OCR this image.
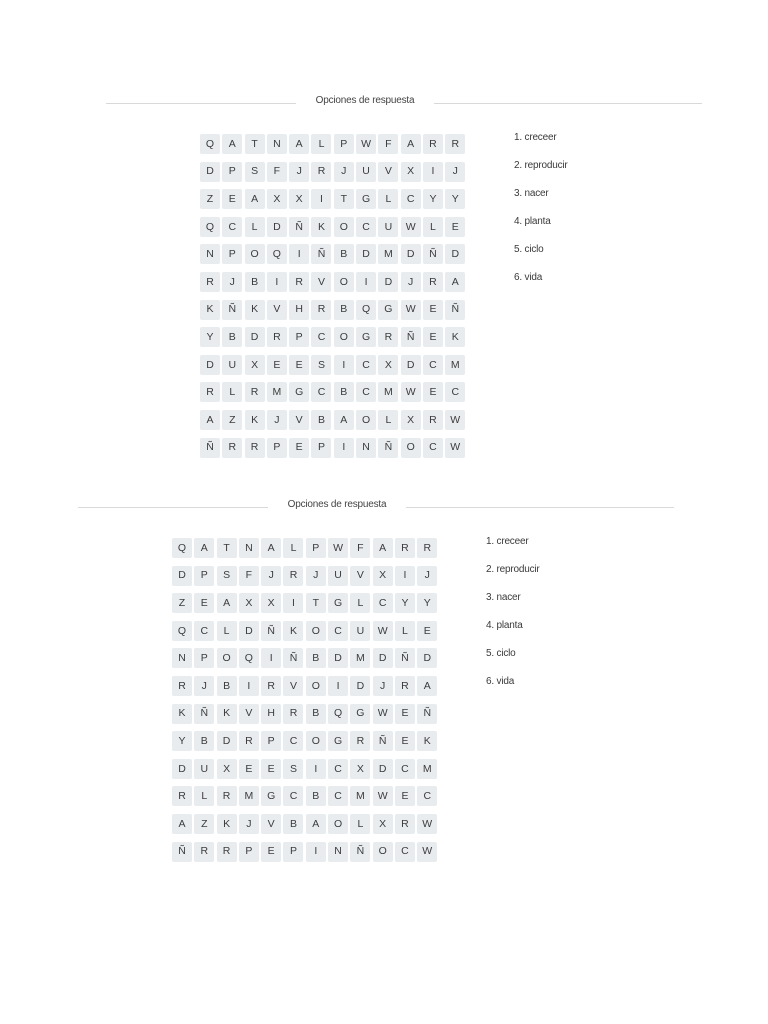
Opciones de respuesta
Q	A	T	N	A	L	P	W	F	A	R	R
D	P	S	F	J	R	J	U	V	X	I	J
Z	E	A	X	X	I	T	G	L	C	Y	Y
Q	C	L	D	Ñ	K	O	C	U	W	L	E
N	P	O	Q	I	Ñ	B	D	M	D	Ñ	D
R	J	B	I	R	V	O	I	D	J	R	A
K	Ñ	K	V	H	R	B	Q	G	W	E	Ñ
Y	B	D	R	P	C	O	G	R	Ñ	E	K
D	U	X	E	E	S	I	C	X	D	C	M
R	L	R	M	G	C	B	C	M	W	E	C
A	Z	K	J	V	B	A	O	L	X	R	W
Ñ	R	R	P	E	P	I	N	Ñ	O	C	W
1. creceer
2. reproducir
3. nacer
4. planta
5. ciclo
6. vida
Opciones de respuesta
Q	A	T	N	A	L	P	W	F	A	R	R
D	P	S	F	J	R	J	U	V	X	I	J
Z	E	A	X	X	I	T	G	L	C	Y	Y
Q	C	L	D	Ñ	K	O	C	U	W	L	E
N	P	O	Q	I	Ñ	B	D	M	D	Ñ	D
R	J	B	I	R	V	O	I	D	J	R	A
K	Ñ	K	V	H	R	B	Q	G	W	E	Ñ
Y	B	D	R	P	C	O	G	R	Ñ	E	K
D	U	X	E	E	S	I	C	X	D	C	M
R	L	R	M	G	C	B	C	M	W	E	C
A	Z	K	J	V	B	A	O	L	X	R	W
Ñ	R	R	P	E	P	I	N	Ñ	O	C	W
1. creceer
2. reproducir
3. nacer
4. planta
5. ciclo
6. vida
